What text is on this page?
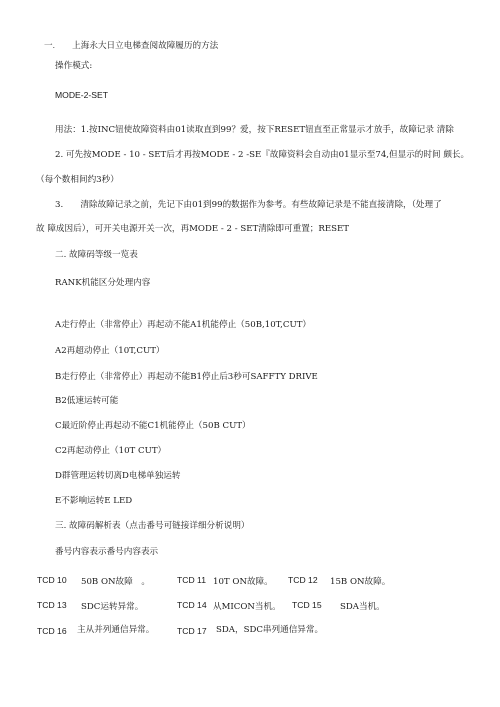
一.　　上海永大日立电梯查阅故障履历的方法
操作模式:
MODE-2-SET
用法：1.按INC钮使故障资料由01读取直到99？爱，按下RESET钮直至正常显示才放手，故障记录 清除
2. 可先按MODE - 10 - SET后才再按MODE - 2 -SE『故障资料会自动由01显示至74,但显示的时间 颇长。
（每个数相间约3秒）
3.　　清除故障记录之前，先记下由01到99的数据作为参考。有些故障记录是不能直接清除，（处理了
故 障成因后），可开关电源开关一次，再MODE - 2 - SET清除即可重置；RESET
二. 故障码等级一览表
RANK机能区分处理内容
A走行停止（非常停止）再起动不能A1机能停止（50B,10T,CUT）
A2再超动停止（10T,CUT）
B走行停止（非常停止）再起动不能B1停止后3秒可SAFFTY DRIVE
B2低速运转可能
C最近阶停止再起动不能C1机能停止（50B CUT）
C2再起动停止（10T CUT）
D群管理运转切离D电梯单独运转
E不影响运转E LED
三. 故障码解析表（点击番号可链接详细分析说明）
番号内容表示番号内容表示
TCD 10 50B ON故障　。	TCD 11 10T ON故障。 TCD 12 15B ON故障。
TCD 13 SDC运转异常。	TCD 14 从MICON当机。 TCD 15 SDA当机。
TCD 16 主从并列通信异常。	TCD 17 SDA，SDC串列通信异常。
